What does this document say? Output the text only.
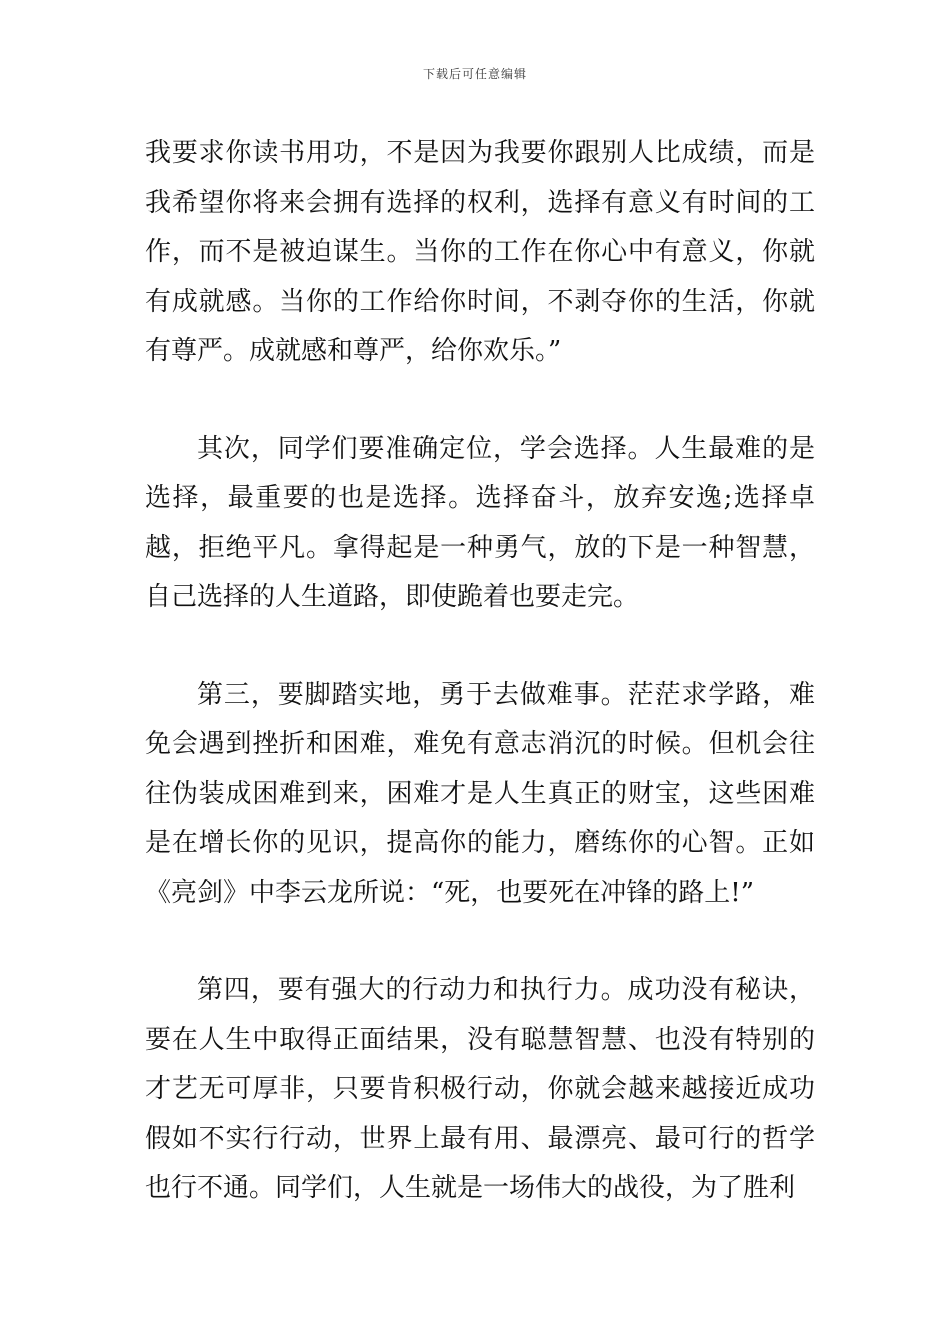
下载后可任意编辑

我要求你读书用功，不是因为我要你跟别人比成绩，而是我希望你将来会拥有选择的权利，选择有意义有时间的工作，而不是被迫谋生。当你的工作在你心中有意义，你就有成就感。当你的工作给你时间，不剥夺你的生活，你就有尊严。成就感和尊严，给你欢乐。”

其次，同学们要准确定位，学会选择。人生最难的是选择，最重要的也是选择。选择奋斗，放弃安逸;选择卓越，拒绝平凡。拿得起是一种勇气，放的下是一种智慧，自己选择的人生道路，即使跪着也要走完。

第三，要脚踏实地，勇于去做难事。茫茫求学路，难免会遇到挫折和困难，难免有意志消沉的时候。但机会往往伪装成困难到来，困难才是人生真正的财宝，这些困难是在增长你的见识，提高你的能力，磨练你的心智。正如《亮剑》中李云龙所说：“死，也要死在冲锋的路上!”

第四，要有强大的行动力和执行力。成功没有秘诀，要在人生中取得正面结果，没有聪慧智慧、也没有特别的才艺无可厚非，只要肯积极行动，你就会越来越接近成功假如不实行行动，世界上最有用、最漂亮、最可行的哲学也行不通。同学们，人生就是一场伟大的战役，为了胜利
